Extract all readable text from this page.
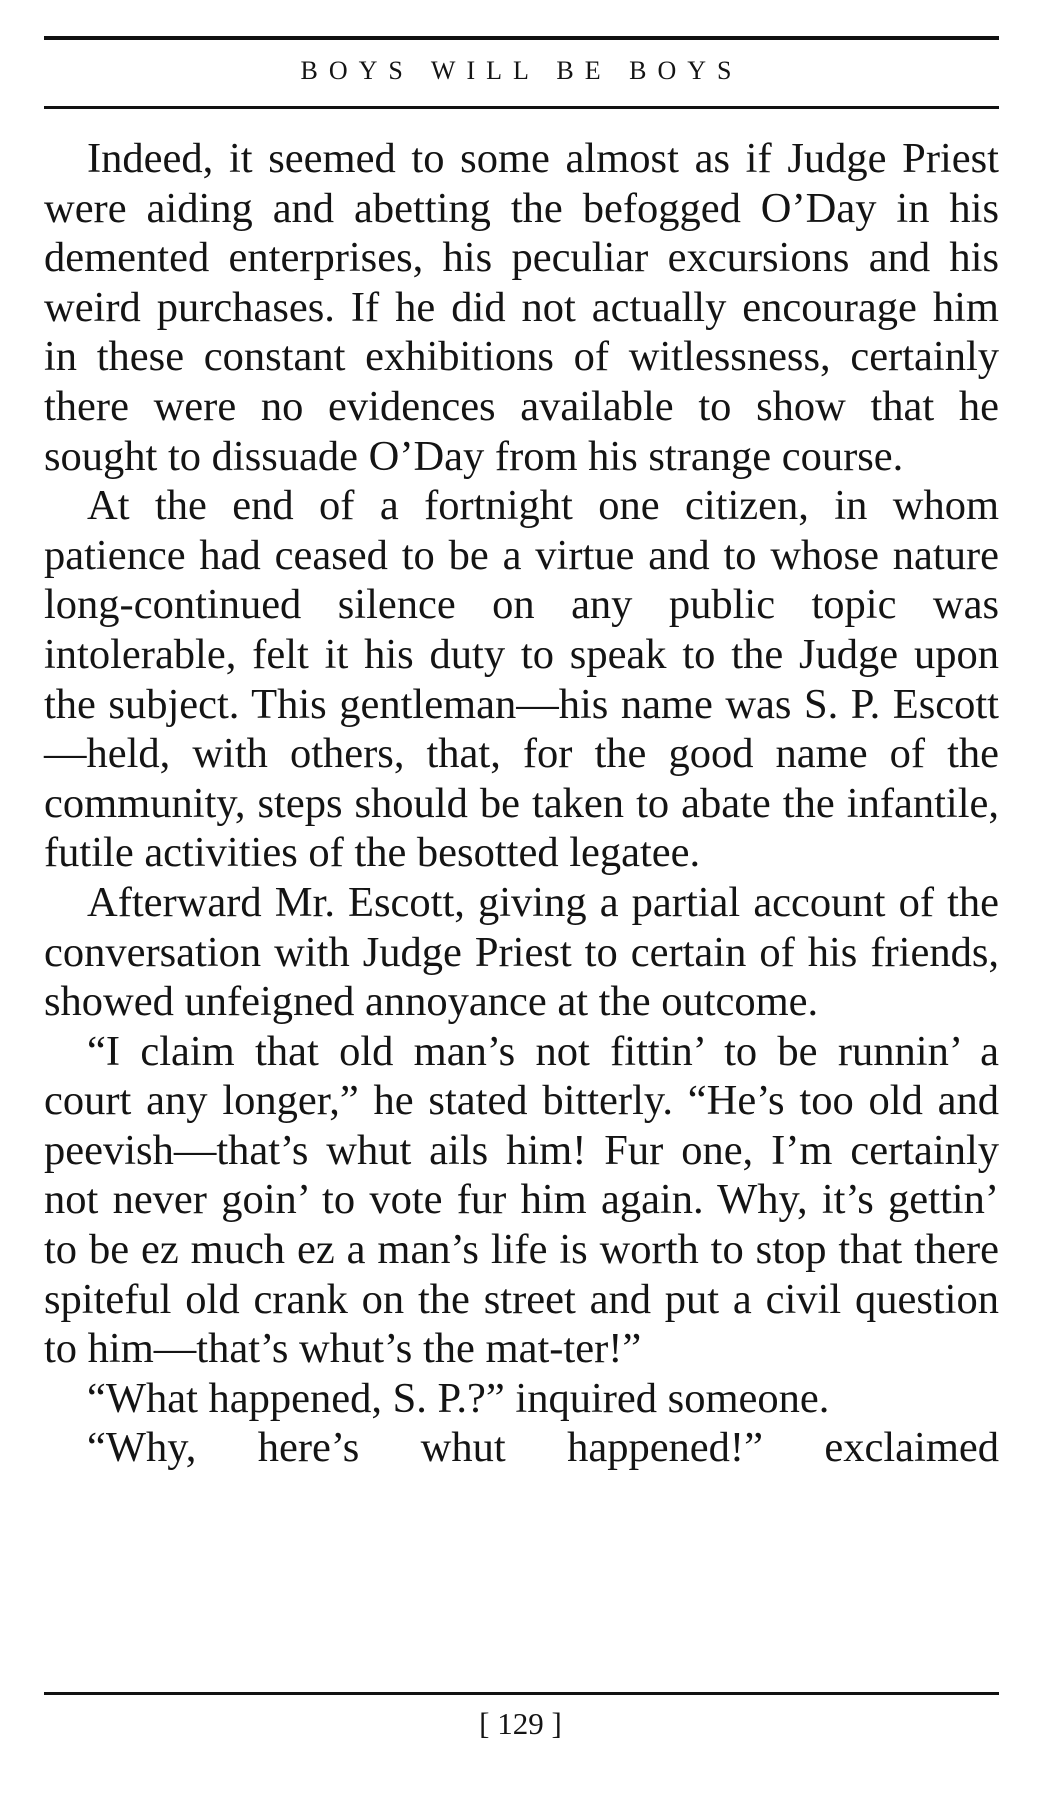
BOYS WILL BE BOYS

Indeed, it seemed to some almost as if Judge Priest were aiding and abetting the befogged O’Day in his demented enterprises, his peculiar excursions and his weird purchases. If he did not actually encourage him in these constant exhibitions of witlessness, certainly there were no evidences available to show that he sought to dissuade O’Day from his strange course.

At the end of a fortnight one citizen, in whom patience had ceased to be a virtue and to whose nature long-continued silence on any public topic was intolerable, felt it his duty to speak to the Judge upon the subject. This gentleman—his name was S. P. Escott—held, with others, that, for the good name of the community, steps should be taken to abate the infantile, futile activities of the besotted legatee.

Afterward Mr. Escott, giving a partial account of the conversation with Judge Priest to certain of his friends, showed unfeigned annoyance at the outcome.

“I claim that old man’s not fittin’ to be runnin’ a court any longer,” he stated bitterly. “He’s too old and peevish—that’s whut ails him! Fur one, I’m certainly not never goin’ to vote fur him again. Why, it’s gettin’ to be ez much ez a man’s life is worth to stop that there spiteful old crank on the street and put a civil question to him—that’s whut’s the mat-ter!”

“What happened, S. P.?” inquired someone.

“Why, here’s whut happened!” exclaimed

[ 129 ]
